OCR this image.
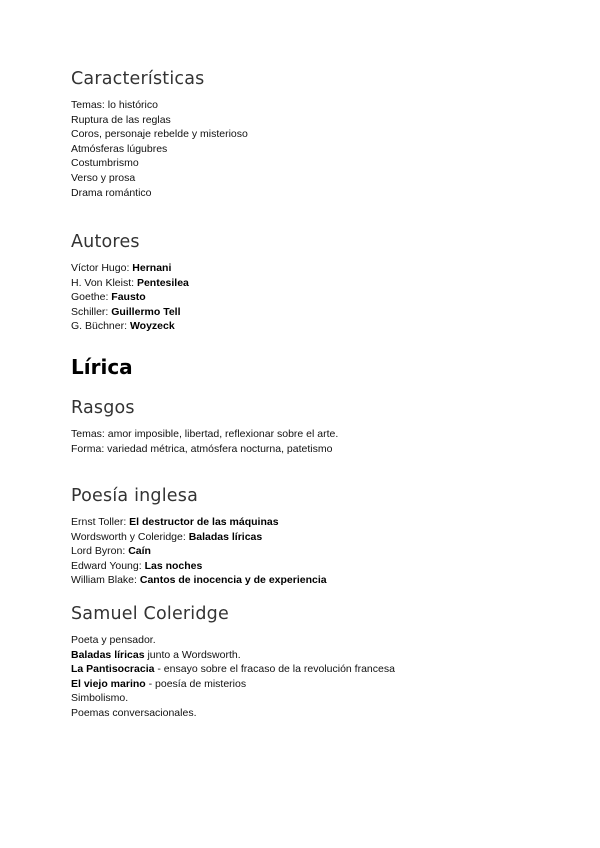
Características
Temas: lo histórico
Ruptura de las reglas
Coros, personaje rebelde y misterioso
Atmósferas lúgubres
Costumbrismo
Verso y prosa
Drama romántico
Autores
Víctor Hugo: Hernani
H. Von Kleist: Pentesilea
Goethe: Fausto
Schiller: Guillermo Tell
G. Büchner: Woyzeck
Lírica
Rasgos
Temas: amor imposible, libertad, reflexionar sobre el arte.
Forma: variedad métrica, atmósfera nocturna, patetismo
Poesía inglesa
Ernst Toller: El destructor de las máquinas
Wordsworth y Coleridge: Baladas líricas
Lord Byron: Caín
Edward Young: Las noches
William Blake: Cantos de inocencia y de experiencia
Samuel Coleridge
Poeta y pensador.
Baladas líricas junto a Wordsworth.
La Pantisocracia - ensayo sobre el fracaso de la revolución francesa
El viejo marino - poesía de misterios
Simbolismo.
Poemas conversacionales.
